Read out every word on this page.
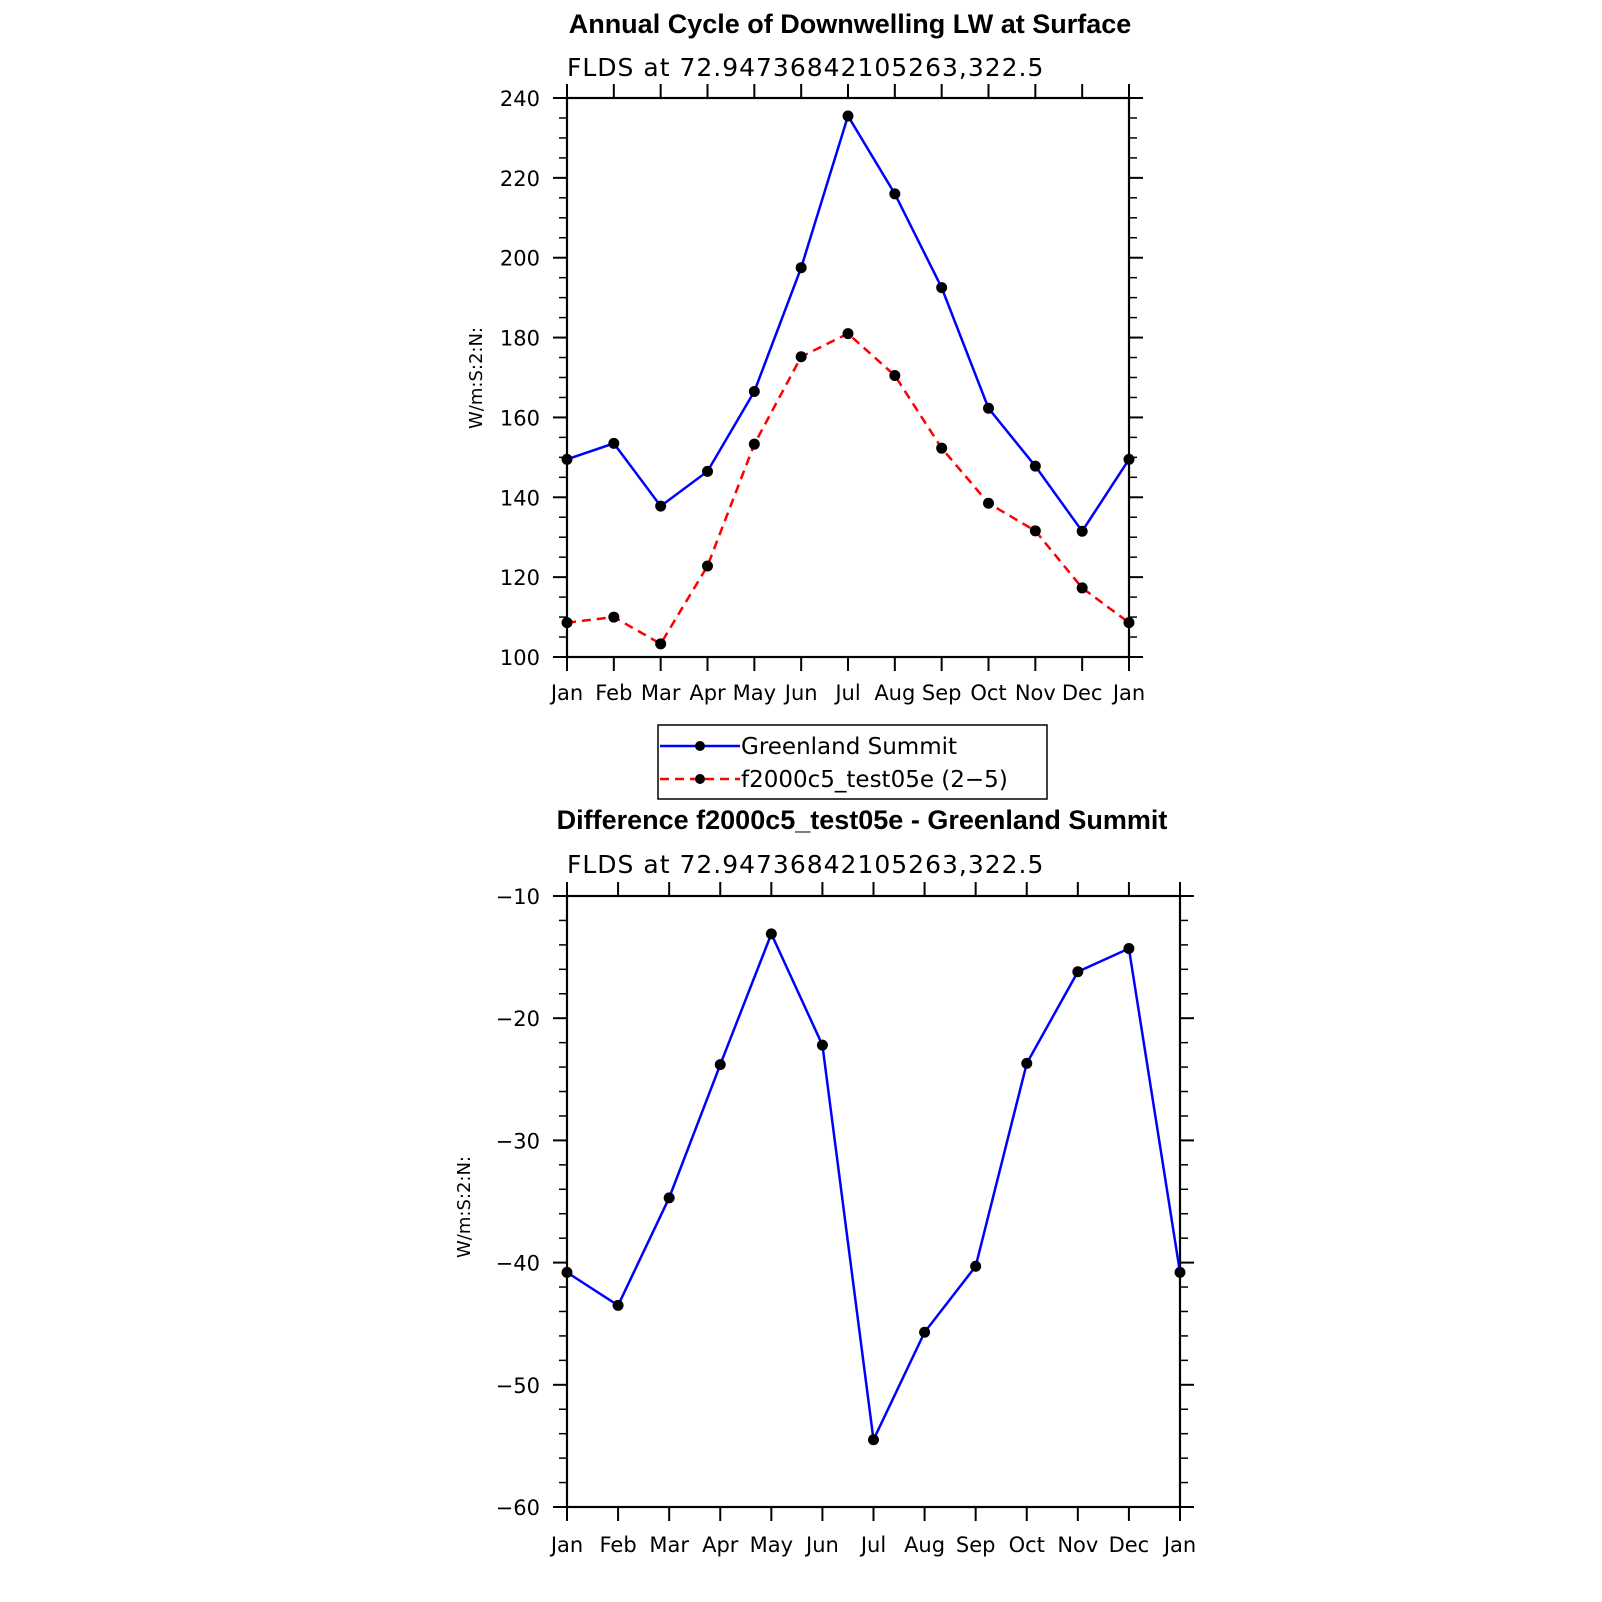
Annual Cycle of Downwelling LW at Surface
FLDS at 72.94736842105263,322.5
W/m:S:2:N:
100
120
140
160
180
200
220
240
Jan Feb Mar Apr May Jun Jul Aug Sep Oct Nov Dec Jan
Greenland Summit
f2000c5_test05e (2−5)
Difference f2000c5_test05e - Greenland Summit
FLDS at 72.94736842105263,322.5
W/m:S:2:N:
−60
−50
−40
−30
−20
−10
Jan Feb Mar Apr May Jun Jul Aug Sep Oct Nov Dec Jan
